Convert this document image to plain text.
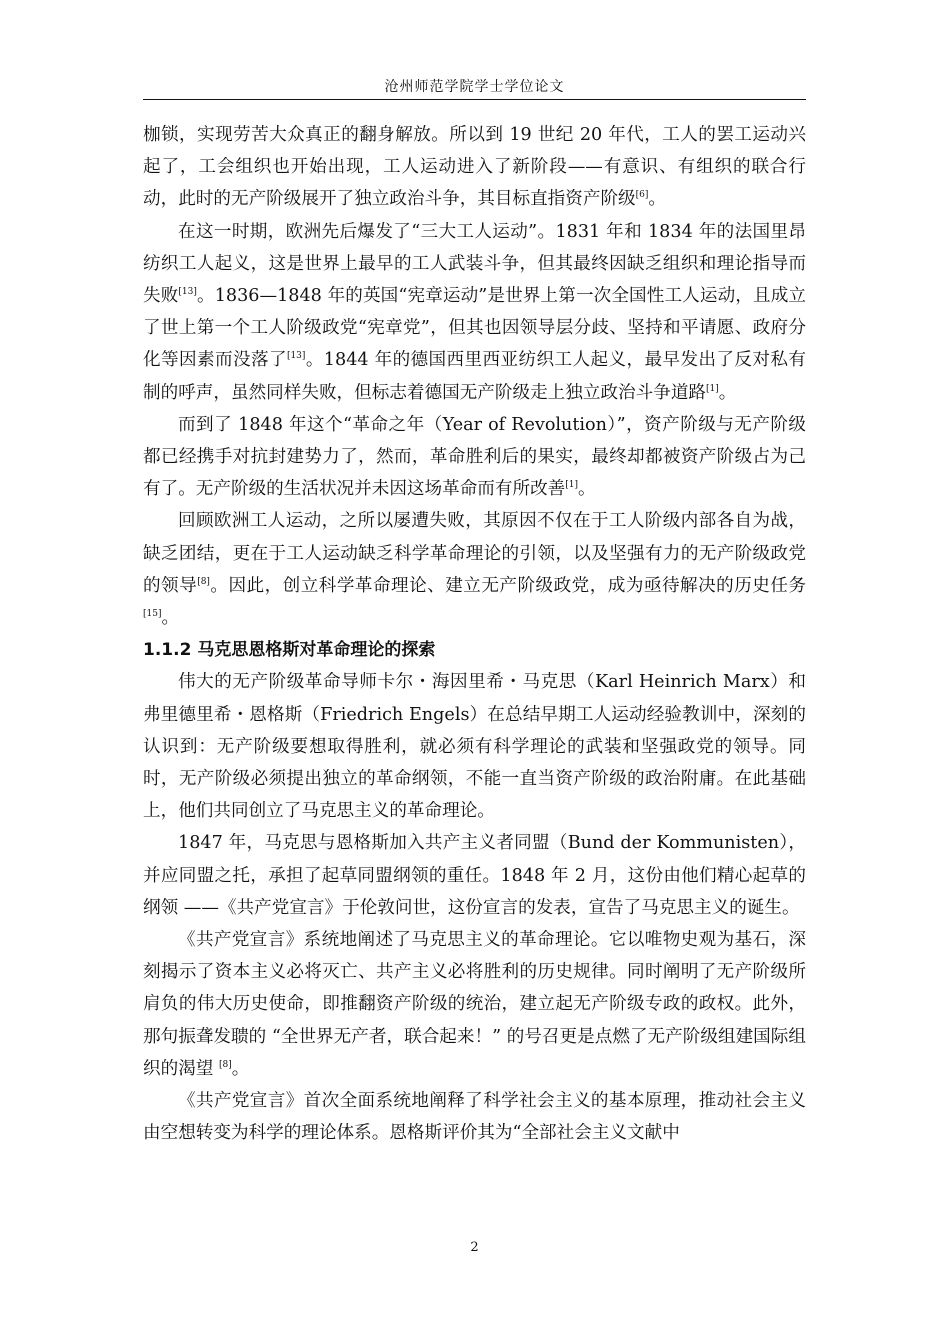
沧州师范学院学士学位论文

枷锁，实现劳苦大众真正的翻身解放。所以到 19 世纪 20 年代，工人的罢工运动兴起了，工会组织也开始出现，工人运动进入了新阶段——有意识、有组织的联合行动，此时的无产阶级展开了独立政治斗争，其目标直指资产阶级[6]。

在这一时期，欧洲先后爆发了“三大工人运动”。1831 年和 1834 年的法国里昂纺织工人起义，这是世界上最早的工人武装斗争，但其最终因缺乏组织和理论指导而失败[13]。1836—1848 年的英国“宪章运动”是世界上第一次全国性工人运动，且成立了世上第一个工人阶级政党“宪章党”，但其也因领导层分歧、坚持和平请愿、政府分化等因素而没落了[13]。1844 年的德国西里西亚纺织工人起义，最早发出了反对私有制的呼声，虽然同样失败，但标志着德国无产阶级走上独立政治斗争道路[1]。

而到了 1848 年这个“革命之年（Year of Revolution）”，资产阶级与无产阶级都已经携手对抗封建势力了，然而，革命胜利后的果实，最终却都被资产阶级占为己有了。无产阶级的生活状况并未因这场革命而有所改善[1]。

回顾欧洲工人运动，之所以屡遭失败，其原因不仅在于工人阶级内部各自为战，缺乏团结，更在于工人运动缺乏科学革命理论的引领，以及坚强有力的无产阶级政党的领导[8]。因此，创立科学革命理论、建立无产阶级政党，成为亟待解决的历史任务[15]。

1.1.2 马克思恩格斯对革命理论的探索

伟大的无产阶级革命导师卡尔・海因里希・马克思（Karl Heinrich Marx）和弗里德里希・恩格斯（Friedrich Engels）在总结早期工人运动经验教训中，深刻的认识到：无产阶级要想取得胜利，就必须有科学理论的武装和坚强政党的领导。同时，无产阶级必须提出独立的革命纲领，不能一直当资产阶级的政治附庸。在此基础上，他们共同创立了马克思主义的革命理论。

1847 年，马克思与恩格斯加入共产主义者同盟（Bund der Kommunisten），并应同盟之托，承担了起草同盟纲领的重任。1848 年 2 月，这份由他们精心起草的纲领 ——《共产党宣言》于伦敦问世，这份宣言的发表，宣告了马克思主义的诞生。

《共产党宣言》系统地阐述了马克思主义的革命理论。它以唯物史观为基石，深刻揭示了资本主义必将灭亡、共产主义必将胜利的历史规律。同时阐明了无产阶级所肩负的伟大历史使命，即推翻资产阶级的统治，建立起无产阶级专政的政权。此外，那句振聋发聩的 “全世界无产者，联合起来！” 的号召更是点燃了无产阶级组建国际组织的渴望 [8]。

《共产党宣言》首次全面系统地阐释了科学社会主义的基本原理，推动社会主义由空想转变为科学的理论体系。恩格斯评价其为“全部社会主义文献中

2
